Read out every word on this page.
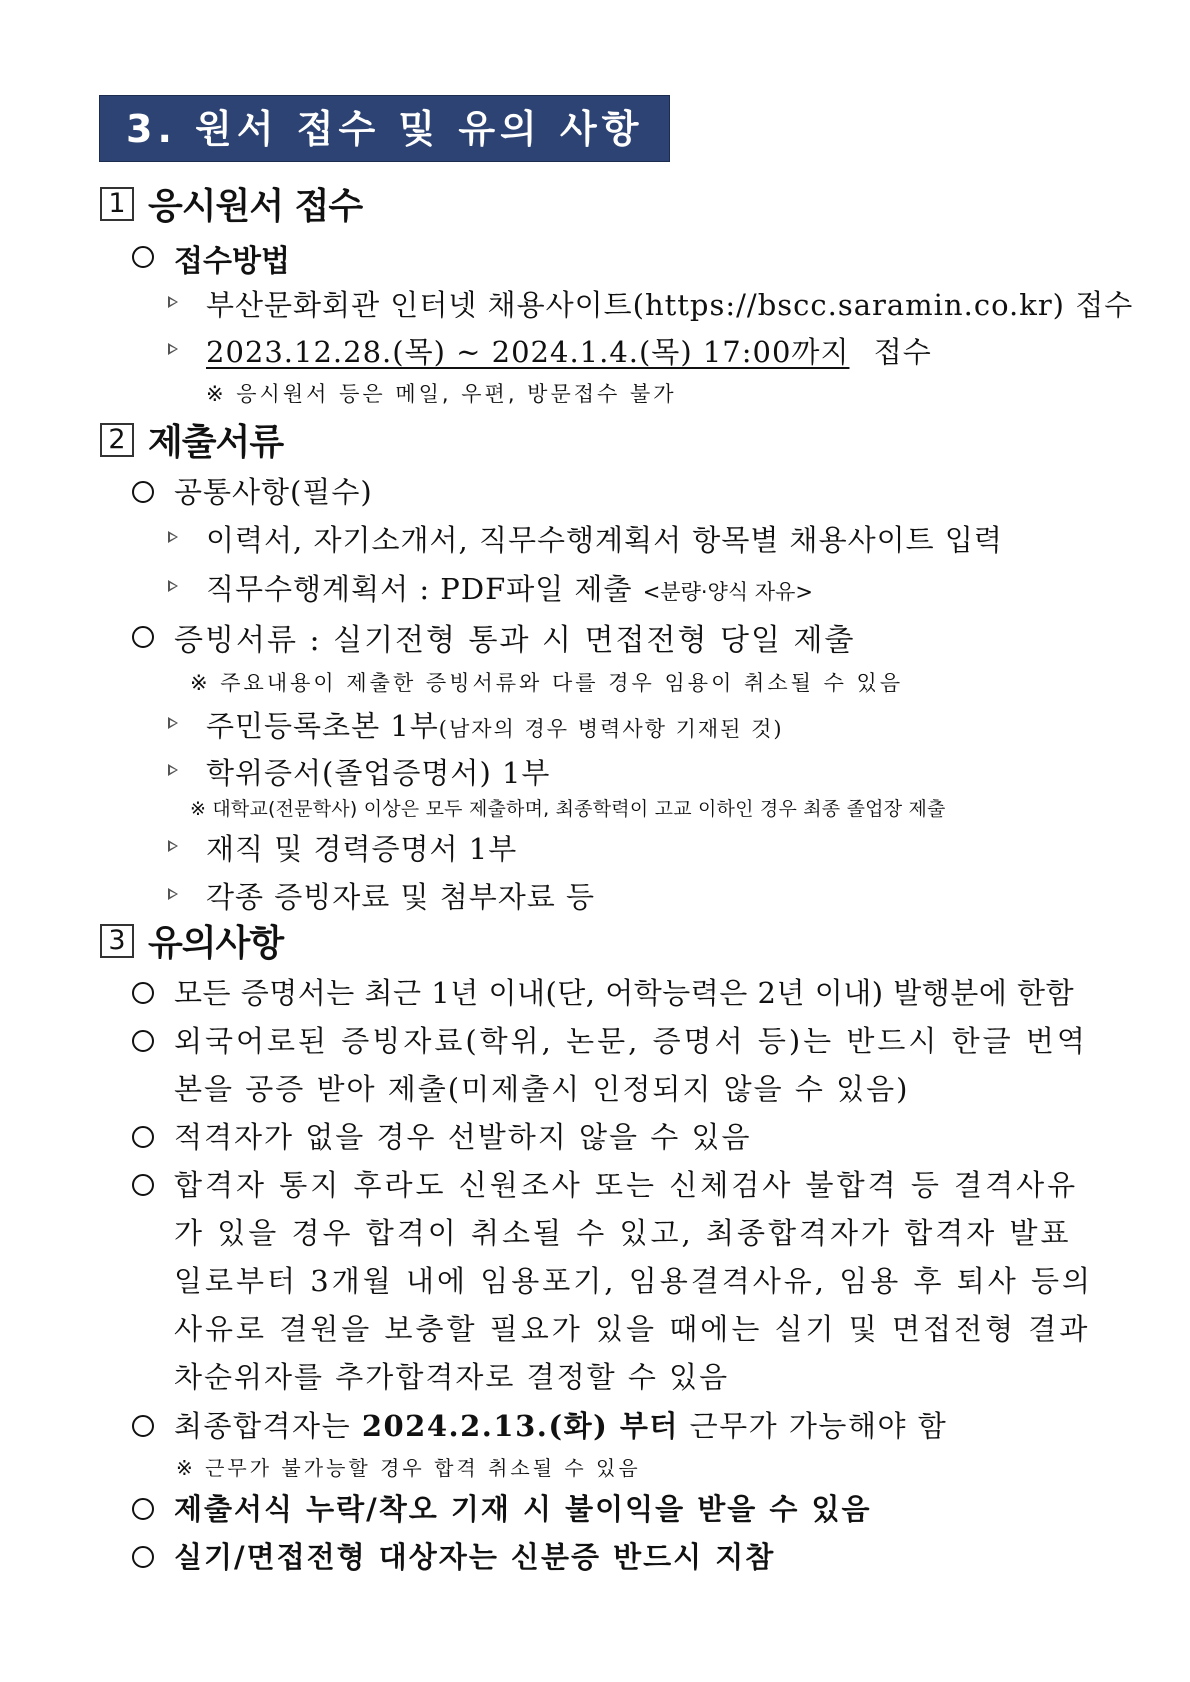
3. 원서 접수 및 유의 사항
1 응시원서 접수
접수방법
부산문화회관 인터넷 채용사이트(https://bscc.saramin.co.kr) 접수
2023.12.28.(목) ~ 2024.1.4.(목) 17:00까지 접수
※ 응시원서 등은 메일, 우편, 방문접수 불가
2 제출서류
공통사항(필수)
이력서, 자기소개서, 직무수행계획서 항목별 채용사이트 입력
직무수행계획서 : PDF파일 제출 <분량·양식 자유>
증빙서류 : 실기전형 통과 시 면접전형 당일 제출
※ 주요내용이 제출한 증빙서류와 다를 경우 임용이 취소될 수 있음
주민등록초본 1부(남자의 경우 병력사항 기재된 것)
학위증서(졸업증명서) 1부
※ 대학교(전문학사) 이상은 모두 제출하며, 최종학력이 고교 이하인 경우 최종 졸업장 제출
재직 및 경력증명서 1부
각종 증빙자료 및 첨부자료 등
3 유의사항
모든 증명서는 최근 1년 이내(단, 어학능력은 2년 이내) 발행분에 한함
외국어로된 증빙자료(학위, 논문, 증명서 등)는 반드시 한글 번역
본을 공증 받아 제출(미제출시 인정되지 않을 수 있음)
적격자가 없을 경우 선발하지 않을 수 있음
합격자 통지 후라도 신원조사 또는 신체검사 불합격 등 결격사유
가 있을 경우 합격이 취소될 수 있고, 최종합격자가 합격자 발표
일로부터 3개월 내에 임용포기, 임용결격사유, 임용 후 퇴사 등의
사유로 결원을 보충할 필요가 있을 때에는 실기 및 면접전형 결과
차순위자를 추가합격자로 결정할 수 있음
최종합격자는 2024.2.13.(화) 부터 근무가 가능해야 함
※ 근무가 불가능할 경우 합격 취소될 수 있음
제출서식 누락/착오 기재 시 불이익을 받을 수 있음
실기/면접전형 대상자는 신분증 반드시 지참
